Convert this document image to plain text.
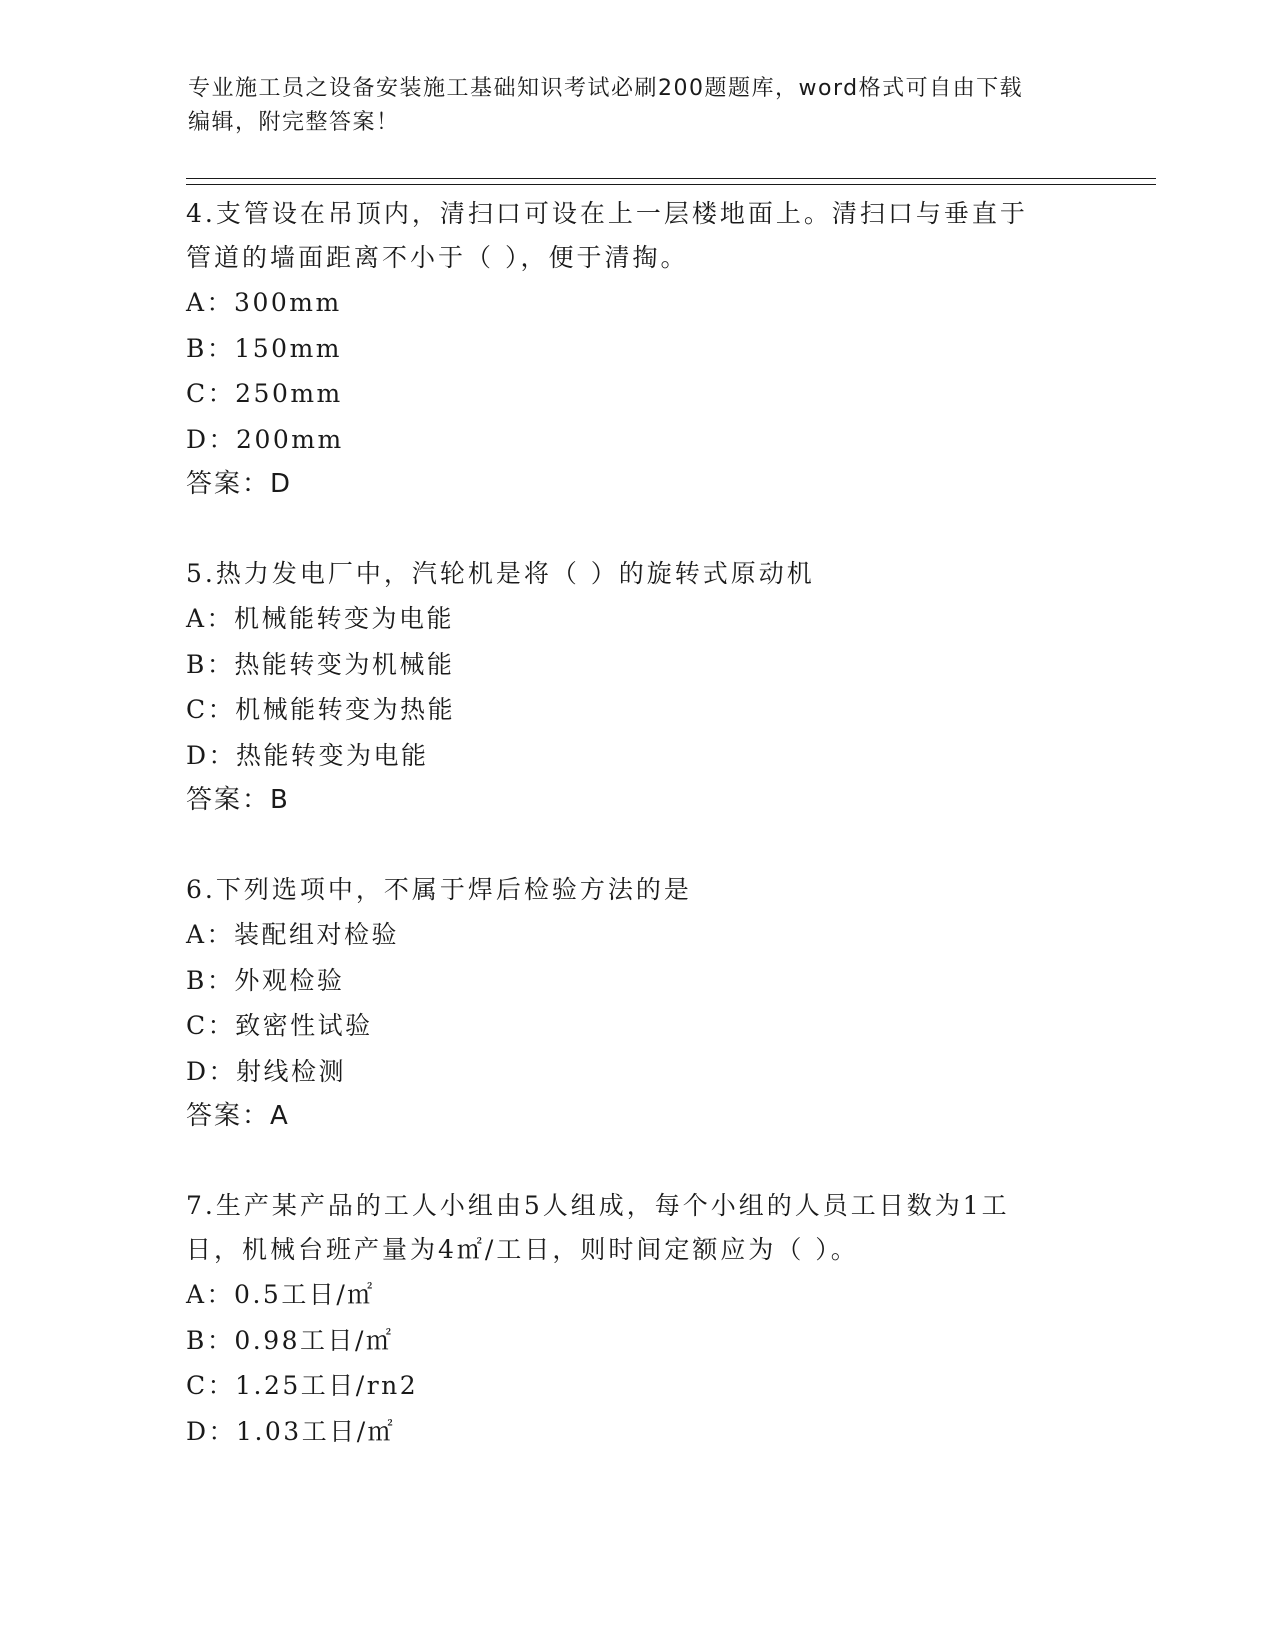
专业施工员之设备安装施工基础知识考试必刷200题题库，word格式可自由下载
编辑，附完整答案！
4.支管设在吊顶内，清扫口可设在上一层楼地面上。清扫口与垂直于
管道的墙面距离不小于（ ），便于清掏。
A：300mm
B：150mm
C：250mm
D：200mm
答案：D
5.热力发电厂中，汽轮机是将（ ）的旋转式原动机
A：机械能转变为电能
B：热能转变为机械能
C：机械能转变为热能
D：热能转变为电能
答案：B
6.下列选项中，不属于焊后检验方法的是
A：装配组对检验
B：外观检验
C：致密性试验
D：射线检测
答案：A
7.生产某产品的工人小组由5人组成，每个小组的人员工日数为1工
日，机械台班产量为4㎡/工日，则时间定额应为（ ）。
A：0.5工日/㎡
B：0.98工日/㎡
C：1.25工日/rn2
D：1.03工日/㎡
